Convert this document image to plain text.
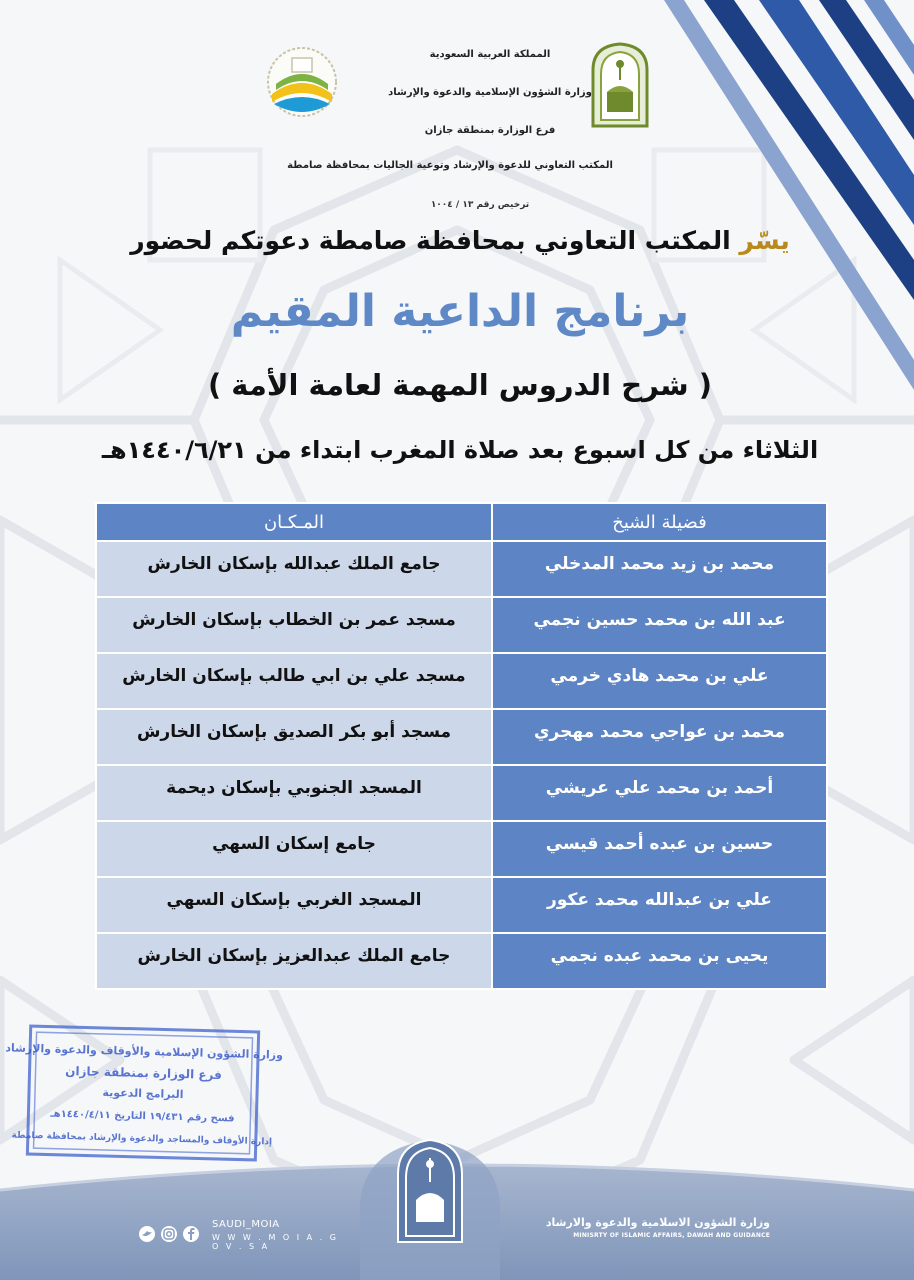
المملكة العربية السعودية
وزارة الشؤون الإسلامية والدعوة والإرشاد
فرع الوزارة بمنطقة جازان
المكتب التعاوني للدعوة والإرشاد وتوعية الجاليات بمحافظة صامطة
ترخيص رقم ١٣ / ١٠٠٤
يسّر المكتب التعاوني بمحافظة صامطة دعوتكم لحضور
برنامج الداعية المقيم
( شرح الدروس المهمة لعامة الأمة )
الثلاثاء من كل اسبوع بعد صلاة المغرب ابتداء من ١٤٤٠/٦/٢١هـ
فضيلة الشيخ	المـكـان
محمد بن زيد محمد المدخلي	جامع الملك عبدالله بإسكان الخارش
عبد الله بن محمد حسين نجمي	مسجد عمر بن الخطاب بإسكان الخارش
علي بن محمد هادي خرمي	مسجد علي بن ابي طالب بإسكان الخارش
محمد بن عواجي محمد مهجري	مسجد أبو بكر الصديق بإسكان الخارش
أحمد بن محمد علي عريشي	المسجد الجنوبي بإسكان ديحمة
حسين بن عبده أحمد قيسي	جامع إسكان السهي
علي بن عبدالله محمد عكور	المسجد الغربي بإسكان السهي
يحيى بن محمد عبده نجمي	جامع الملك عبدالعزيز بإسكان الخارش
وزارة الشؤون الإسلامية والأوقاف والدعوة والإرشاد
فرع الوزارة بمنطقة جازان
البرامج الدعوية
فسح رقم ١٩/٤٣١ التاريخ ١٤٤٠/٤/١١هـ
إدارة الأوقاف والمساجد والدعوة والإرشاد بمحافظة صامطة
وزارة الشؤون الاسلامية والدعوة والارشاد
MINISRTY OF ISLAMIC AFFAIRS, DAWAH AND GUIDANCE
SAUDI_MOIA
W W W . M O I A . G O V . S A
